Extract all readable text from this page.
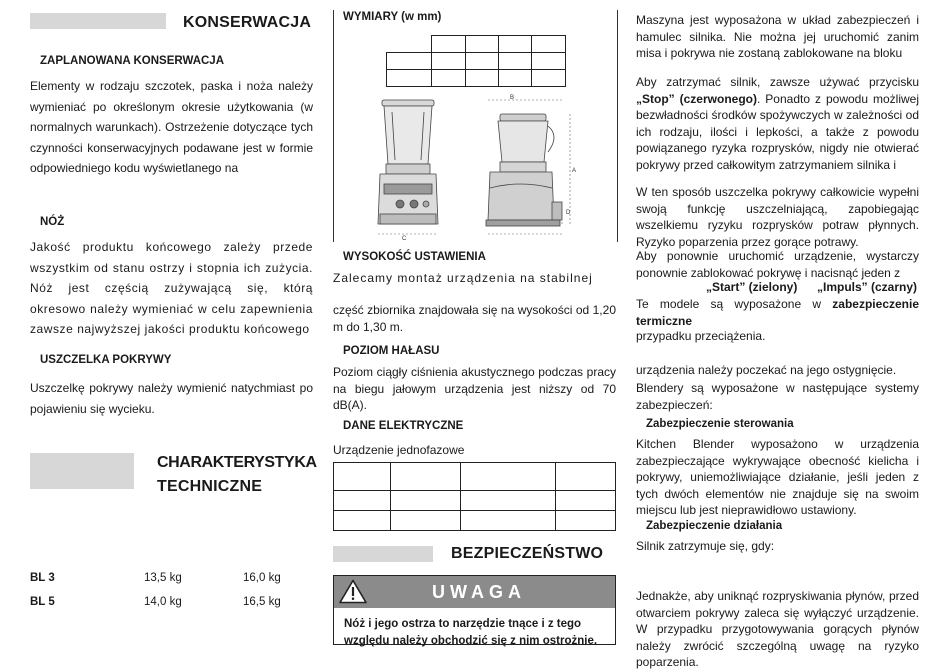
KONSERWACJA
ZAPLANOWANA KONSERWACJA
Elementy w rodzaju szczotek, paska i noża należy wymieniać po określonym okresie użytkowania (w normalnych warunkach). Ostrzeżenie dotyczące tych czynności konserwacyjnych podawane jest w formie odpowiedniego kodu wyświetlanego na
NÓŻ
Jakość produktu końcowego zależy przede wszystkim od stanu ostrzy i stopnia ich zużycia. Nóż jest częścią zużywającą się, którą okresowo należy wymieniać w celu zapewnienia zawsze najwyższej jakości produktu końcowego
USZCZELKA POKRYWY
Uszczelkę pokrywy należy wymienić natychmiast po pojawieniu się wycieku.
CHARAKTERYSTYKA
TECHNICZNE
BL 3	13,5 kg	16,0 kg
BL 5	14,0 kg	16,5 kg
WYMIARY (w mm)

B
A
D
C
WYSOKOŚĆ USTAWIENIA
Zalecamy montaż urządzenia na stabilnej
część zbiornika znajdowała się na wysokości od 1,20 m do 1,30 m.
POZIOM HAŁASU
Poziom ciągły ciśnienia akustycznego podczas pracy na biegu jałowym urządzenia jest niższy od 70 dB(A).
DANE ELEKTRYCZNE
Urządzenie jednofazowe

BEZPIECZEŃSTWO
UWAGA
Nóż i jego ostrza to narzędzie tnące i z tego względu należy obchodzić się z nim ostrożnie.
Maszyna jest wyposażona w układ zabezpieczeń i hamulec silnika. Nie można jej uruchomić zanim misa i pokrywa nie zostaną zablokowane na bloku
Aby zatrzymać silnik, zawsze używać przycisku „Stop” (czerwonego). Ponadto z powodu możliwej bezwładności środków spożywczych w zależności od ich rodzaju, ilości i lepkości, a także z powodu powiązanego ryzyka rozprysków, nigdy nie otwierać pokrywy przed całkowitym zatrzymaniem silnika i
W ten sposób uszczelka pokrywy całkowicie wypełni swoją funkcję uszczelniającą, zapobiegając wszelkiemu ryzyku rozprysków potraw płynnych. Ryzyko poparzenia przez gorące potrawy.
Aby ponownie uruchomić urządzenie, wystarczy ponownie zablokować pokrywę i nacisnąć jeden z
„Start” (zielony) „Impuls” (czarny)
Te modele są wyposażone w zabezpieczenie termiczne
przypadku przeciążenia.
urządzenia należy poczekać na jego ostygnięcie.
Blendery są wyposażone w następujące systemy zabezpieczeń:
Zabezpieczenie sterowania
Kitchen Blender wyposażono w urządzenia zabezpieczające wykrywające obecność kielicha i pokrywy, uniemożliwiające działanie, jeśli jeden z tych dwóch elementów nie znajduje się na swoim miejscu lub jest nieprawidłowo ustawiony.
Zabezpieczenie działania
Silnik zatrzymuje się, gdy:
Jednakże, aby uniknąć rozpryskiwania płynów, przed otwarciem pokrywy zaleca się wyłączyć urządzenie. W przypadku przygotowywania gorących płynów należy zwrócić szczególną uwagę na ryzyko poparzenia.
